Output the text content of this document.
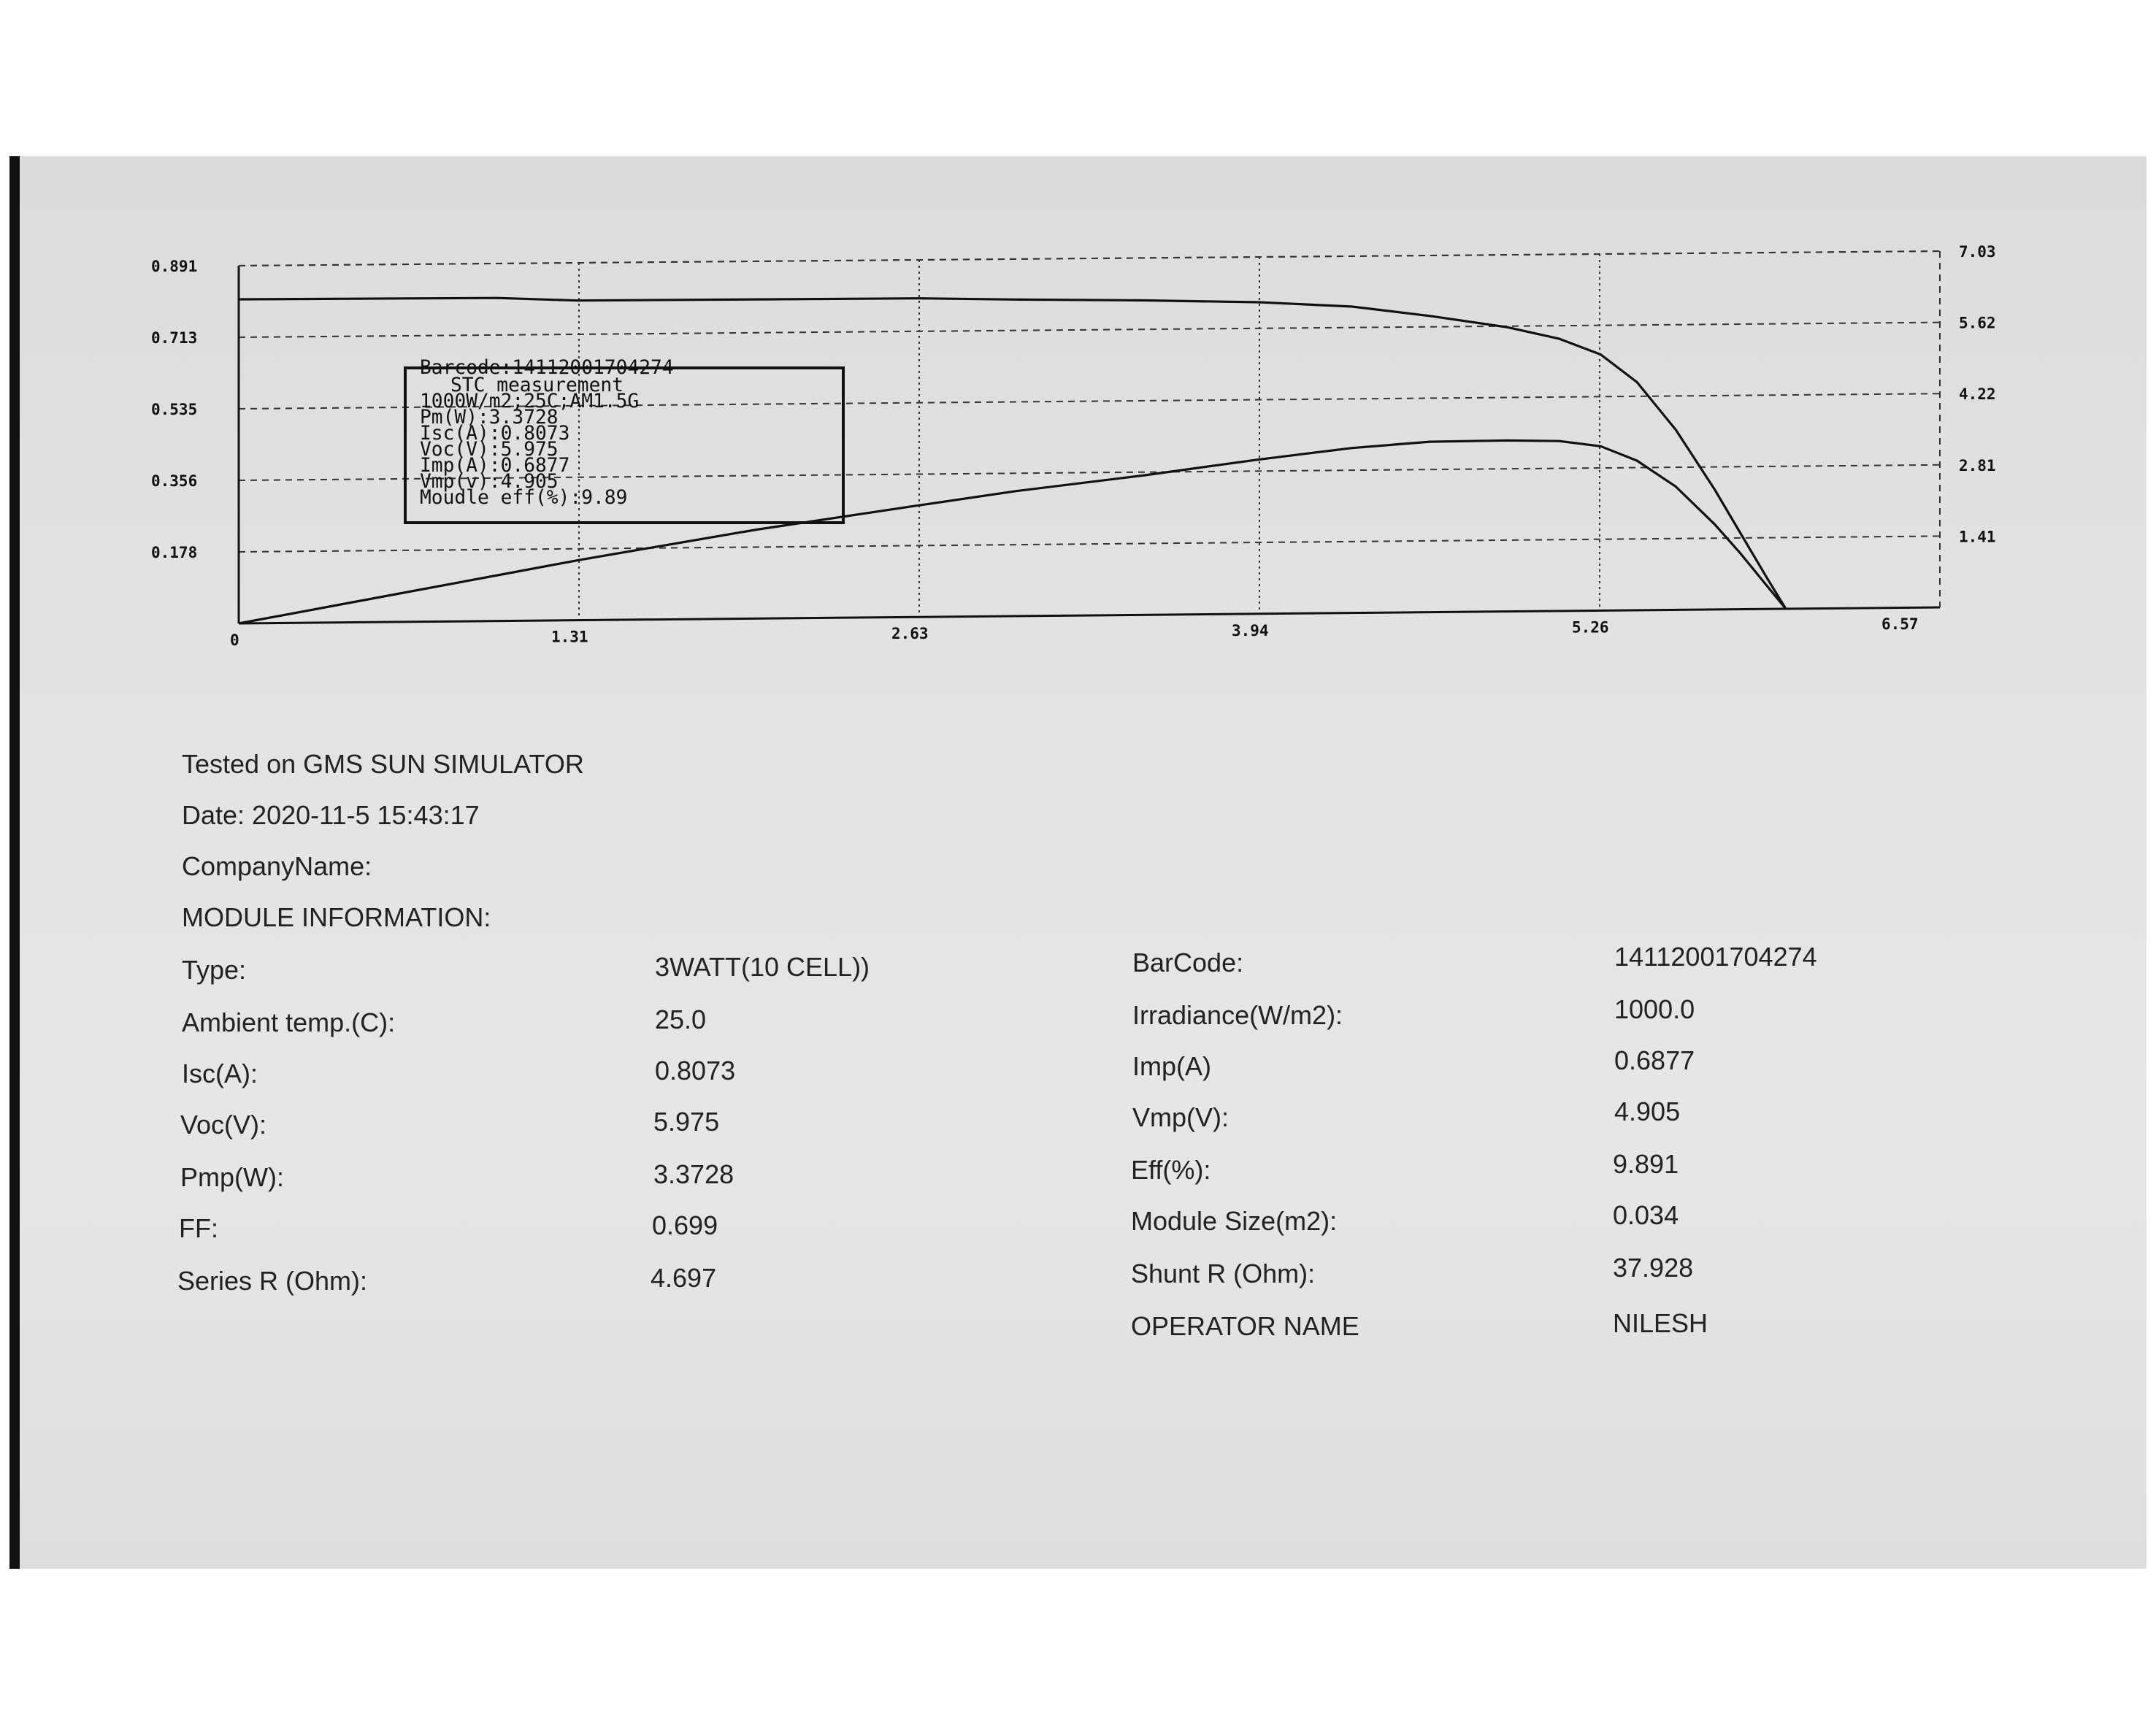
0.891
0.713
0.535
0.356
0.178
7.03
5.62
4.22
2.81
1.41
0	1.31	2.63	3.94	5.26	6.57
Barcode:14112001704274
STC measurement
1000W/m2;25C;AM1.5G
Pm(W):3.3728
Isc(A):0.8073
Voc(V):5.975
Imp(A):0.6877
Vmp(v):4.905
Moudle eff(%):9.89
Tested on GMS SUN SIMULATOR
Date: 2020-11-5 15:43:17
CompanyName:
MODULE INFORMATION:
Type:	3WATT(10 CELL))
Ambient temp.(C):	25.0
Isc(A):	0.8073
Voc(V):	5.975
Pmp(W):	3.3728
FF:	0.699
Series R (Ohm):	4.697
BarCode:	14112001704274
Irradiance(W/m2):	1000.0
Imp(A)	0.6877
Vmp(V):	4.905
Eff(%):	9.891
Module Size(m2):	0.034
Shunt R (Ohm):	37.928
OPERATOR NAME	NILESH
